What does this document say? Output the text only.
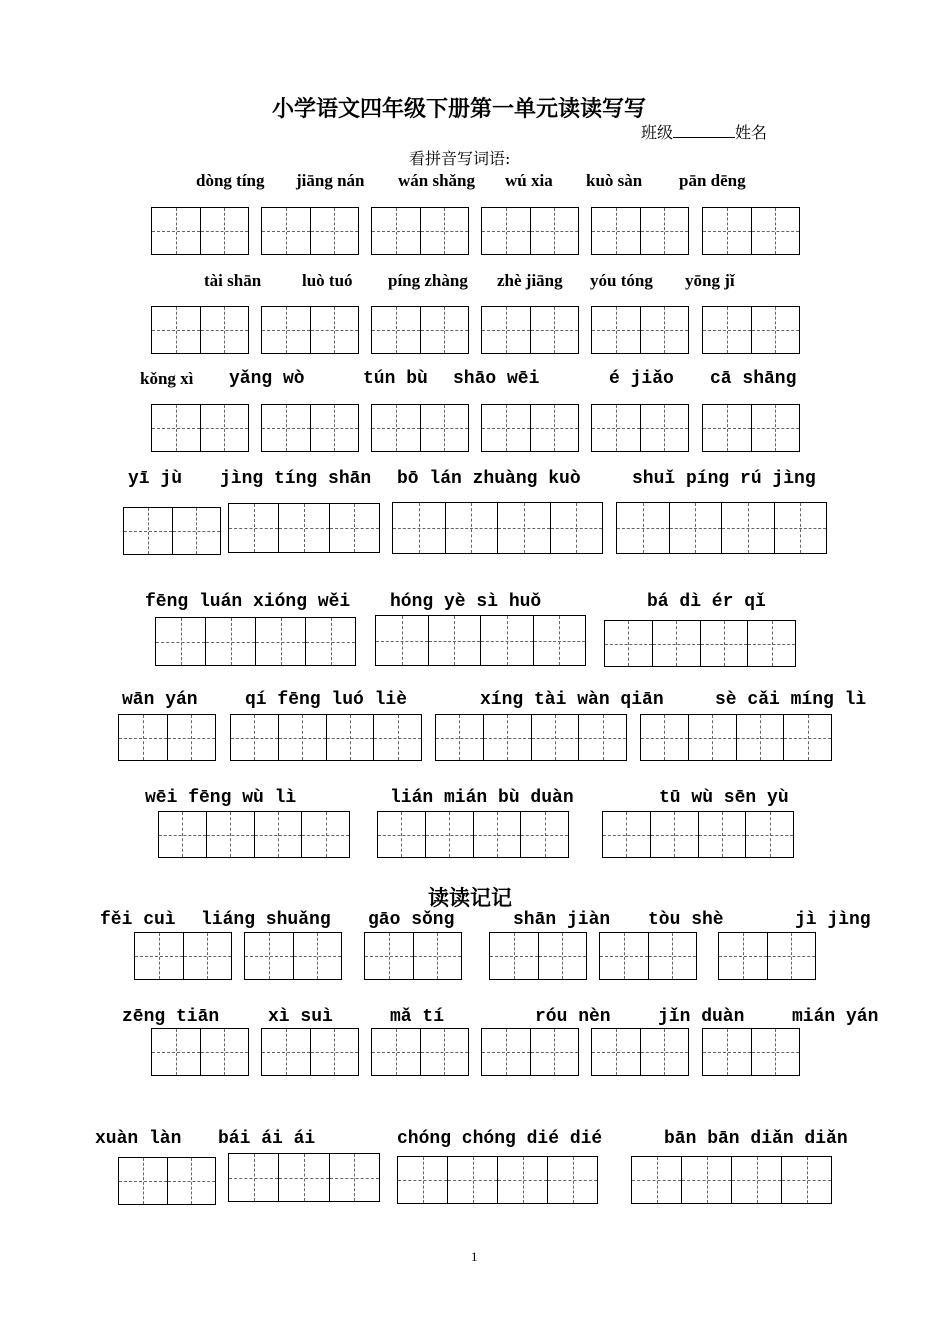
小学语文四年级下册第一单元读读写写
班级	姓名
看拼音写词语:
读读记记
dòng tíng jiāng nán wán shǎng wú xia kuò sàn pān dēng
tài shān luò tuó píng zhàng zhè jiāng yóu tóng yōng jǐ
kǒng xì yǎng wò	tún bù shāo wēi	é jiǎo cā shāng
yī jù jìng tíng shān bō lán zhuàng kuò	shuǐ píng rú jìng
fēng luán xióng wěi hóng yè sì huǒ	bá dì ér qǐ
wān yán	qí fēng luó liè	xíng tài wàn qiān	sè cǎi míng lì
wēi fēng wù lì	lián mián bù duàn	tū wù sēn yù
fěi cuì liáng shuǎng gāo sǒng	shān jiàn tòu shè	jì jìng
zēng tiān	xì suì	mǎ tí	róu nèn	jǐn duàn	mián yán
xuàn làn bái ái ái	chóng chóng dié dié	bān bān diǎn diǎn
1
